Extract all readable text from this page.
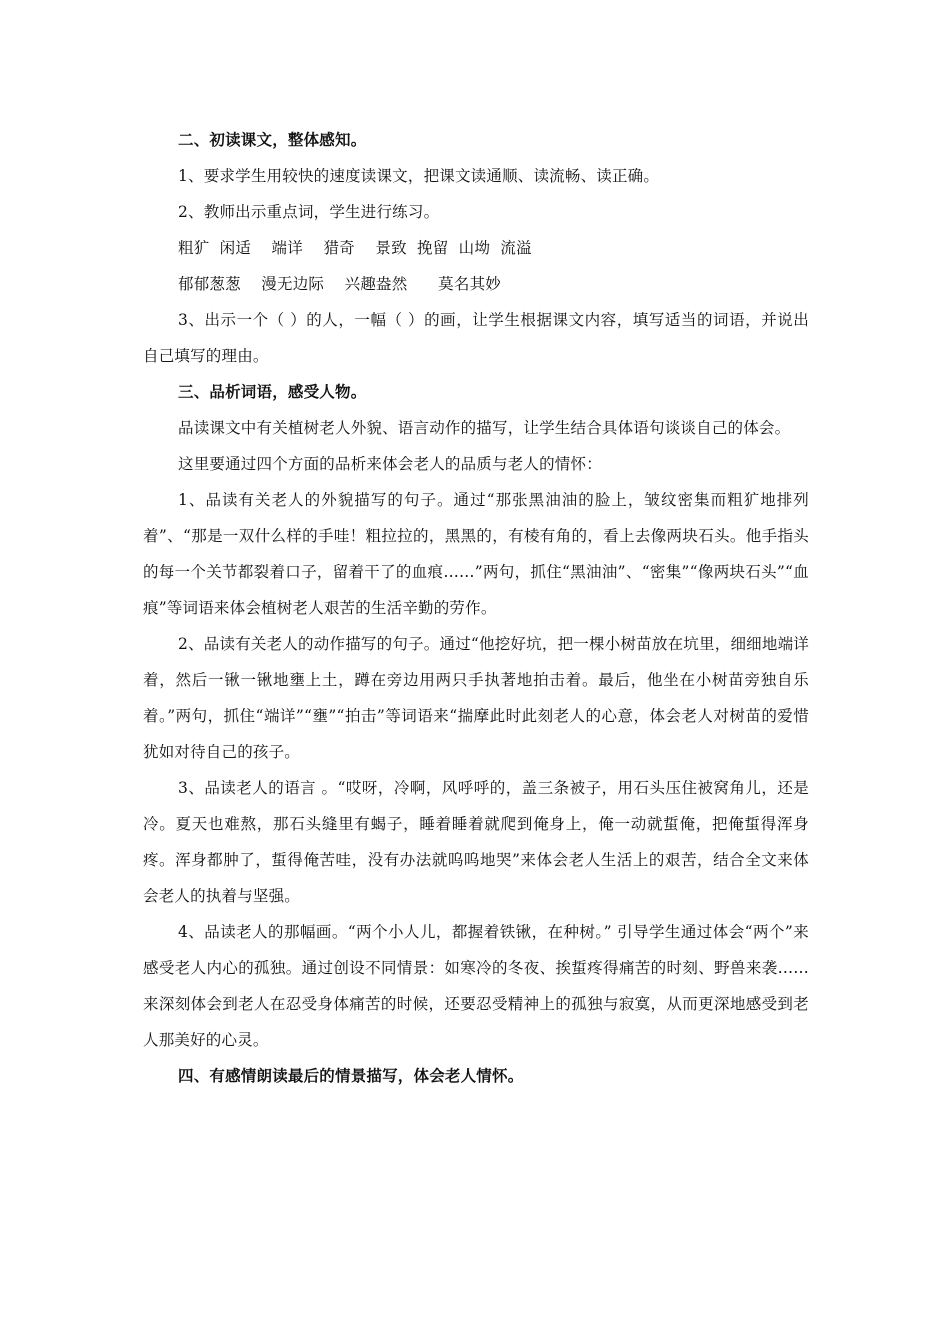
二、初读课文，整体感知。

1、要求学生用较快的速度读课文，把课文读通顺、读流畅、读正确。

2、教师出示重点词，学生进行练习。

粗犷  闲适    端详    猎奇    景致  挽留  山坳  流溢

郁郁葱葱    漫无边际    兴趣盎然      莫名其妙

3、出示一个（ ）的人，一幅（ ）的画，让学生根据课文内容，填写适当的词语，并说出自己填写的理由。

三、品析词语，感受人物。

品读课文中有关植树老人外貌、语言动作的描写，让学生结合具体语句谈谈自己的体会。

这里要通过四个方面的品析来体会老人的品质与老人的情怀：

1、品读有关老人的外貌描写的句子。通过“那张黑油油的脸上，皱纹密集而粗犷地排列着”、“那是一双什么样的手哇！粗拉拉的，黑黑的，有棱有角的，看上去像两块石头。他手指头的每一个关节都裂着口子，留着干了的血痕……”两句，抓住“黑油油”、“密集”“像两块石头”“血痕”等词语来体会植树老人艰苦的生活辛勤的劳作。

2、品读有关老人的动作描写的句子。通过“他挖好坑，把一棵小树苗放在坑里，细细地端详着，然后一锹一锹地壅上土，蹲在旁边用两只手执著地拍击着。最后，他坐在小树苗旁独自乐着。”两句，抓住“端详”“壅”“拍击”等词语来“揣摩此时此刻老人的心意，体会老人对树苗的爱惜犹如对待自己的孩子。

3、品读老人的语言 。“哎呀，冷啊，风呼呼的，盖三条被子，用石头压住被窝角儿，还是冷。夏天也难熬，那石头缝里有蝎子，睡着睡着就爬到俺身上，俺一动就蜇俺，把俺蜇得浑身疼。浑身都肿了，蜇得俺苦哇，没有办法就呜呜地哭”来体会老人生活上的艰苦，结合全文来体会老人的执着与坚强。

4、品读老人的那幅画。“两个小人儿，都握着铁锹，在种树。” 引导学生通过体会“两个”来感受老人内心的孤独。通过创设不同情景：如寒冷的冬夜、挨蜇疼得痛苦的时刻、野兽来袭……来深刻体会到老人在忍受身体痛苦的时候，还要忍受精神上的孤独与寂寞，从而更深地感受到老人那美好的心灵。

四、有感情朗读最后的情景描写，体会老人情怀。
